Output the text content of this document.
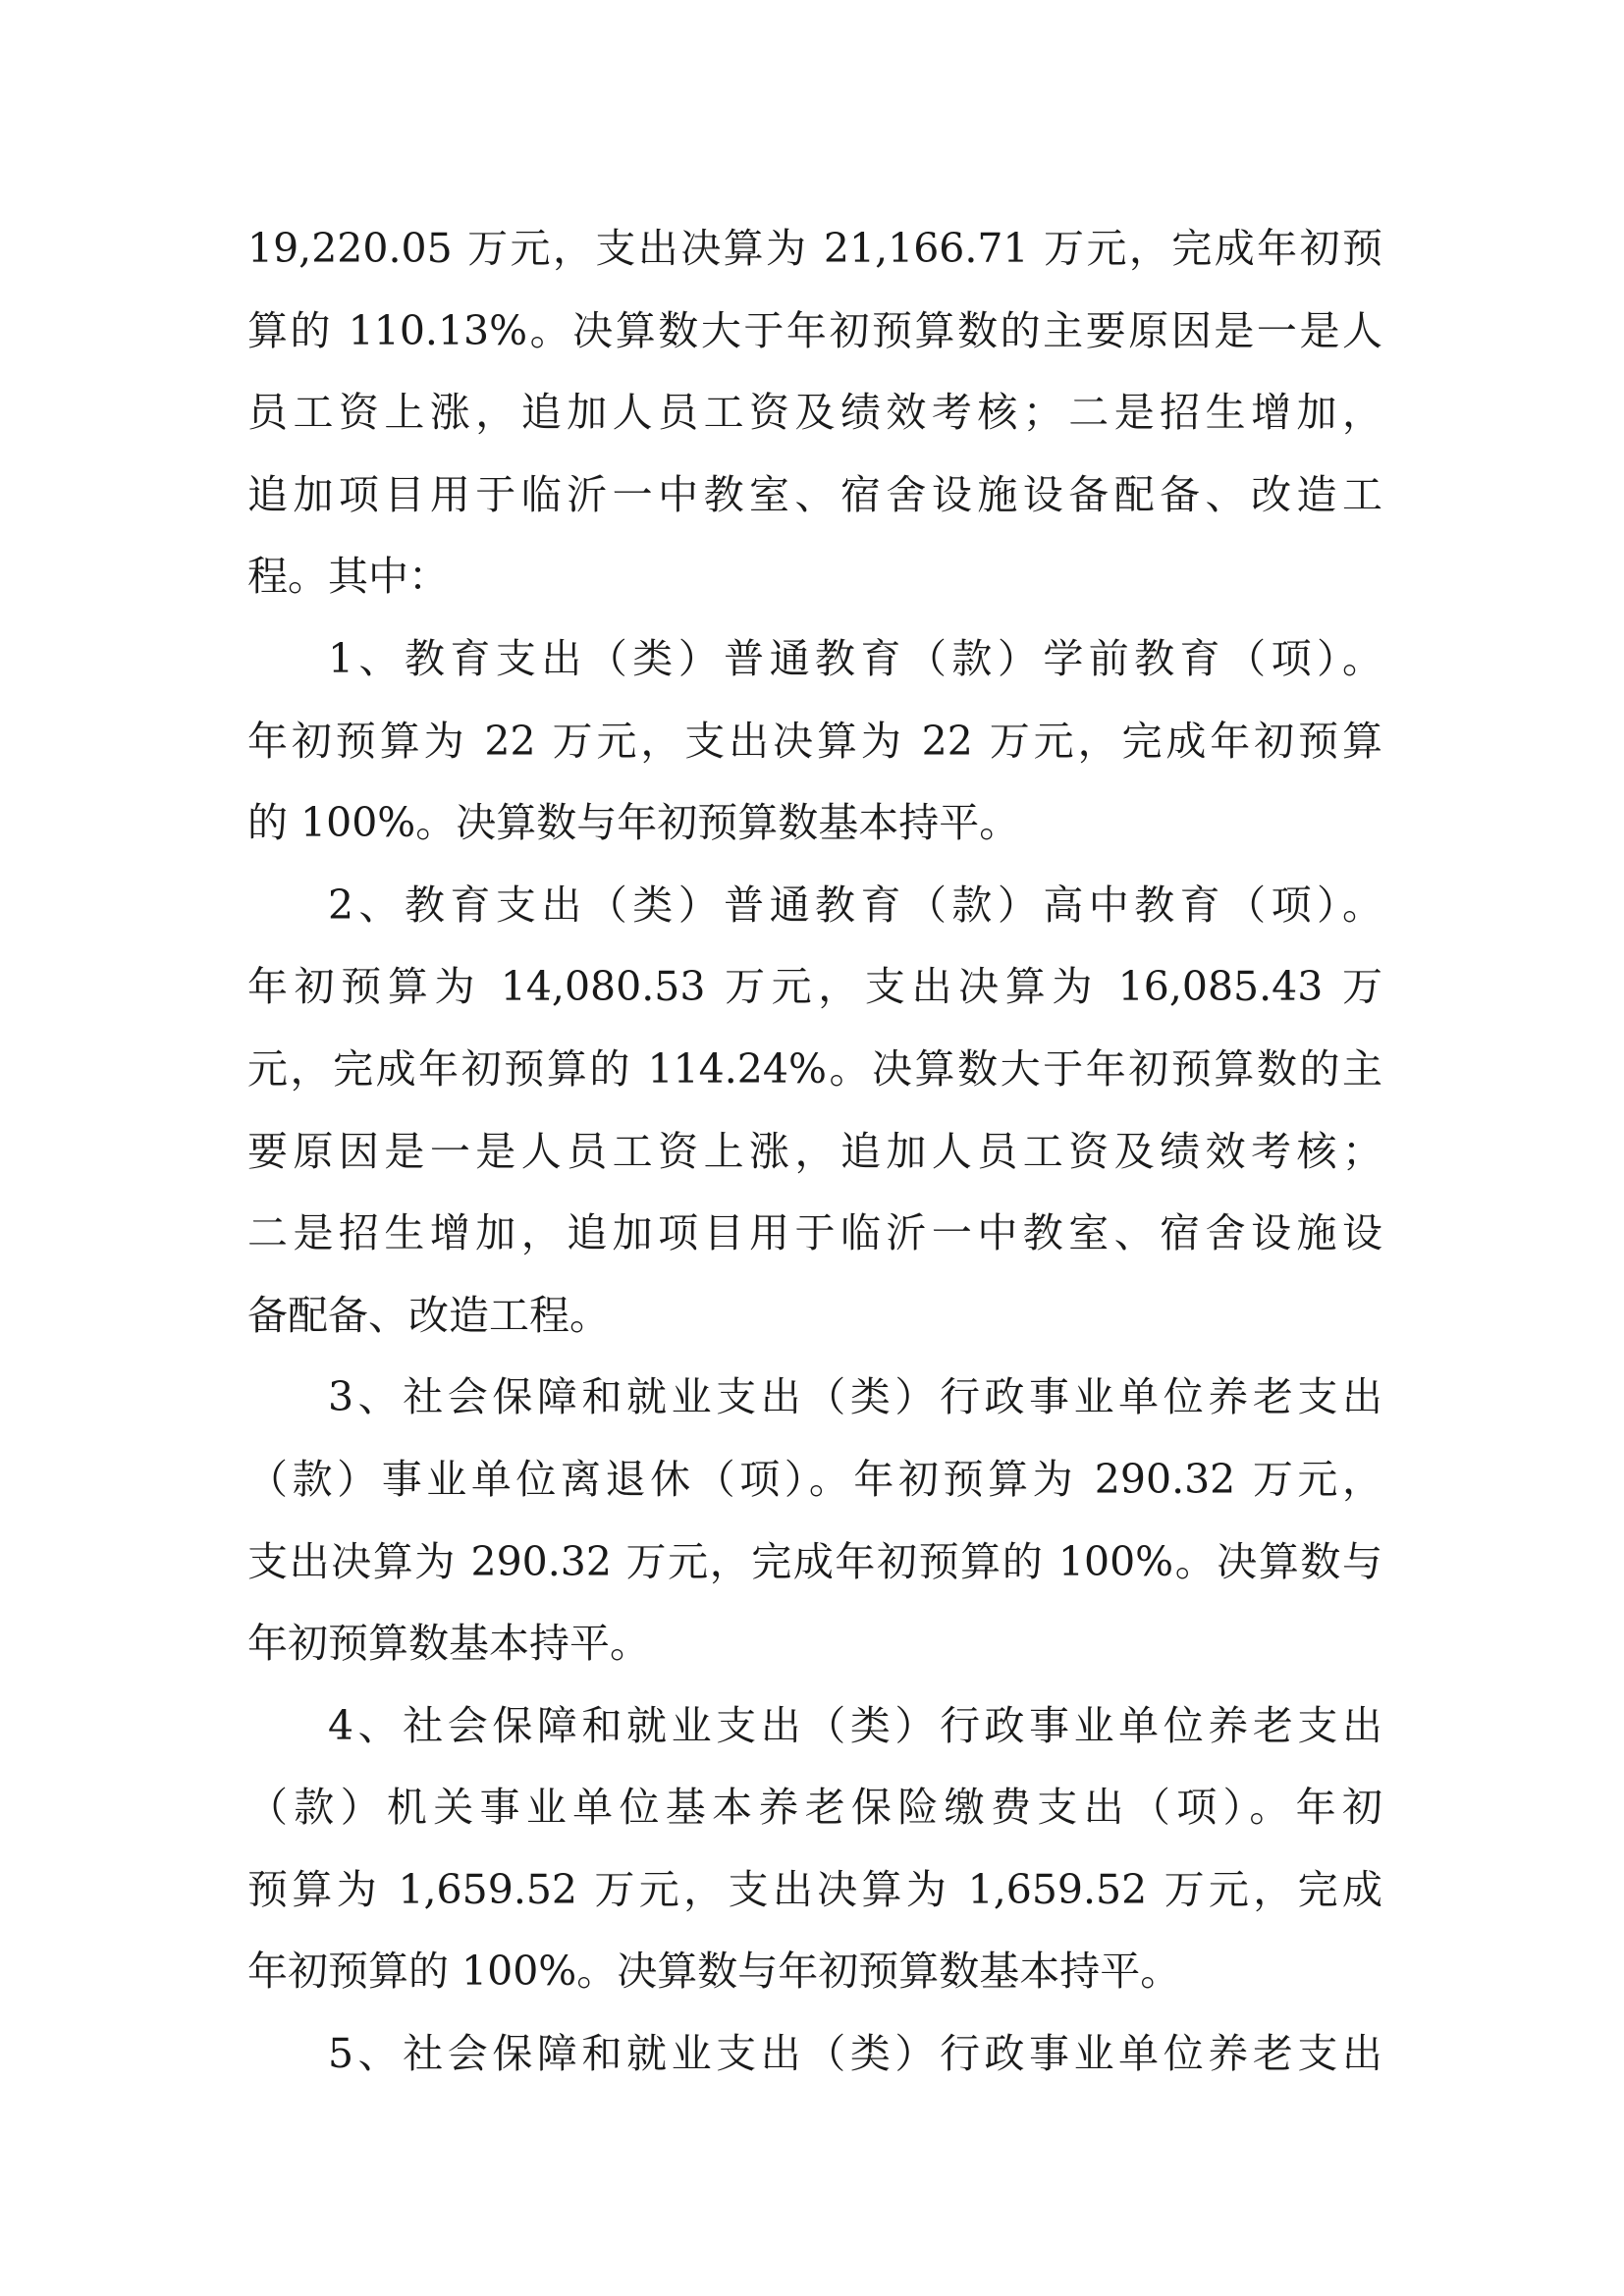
19,220.05 万元，支出决算为 21,166.71 万元，完成年初预
算的 110.13%。决算数大于年初预算数的主要原因是一是人
员工资上涨，追加人员工资及绩效考核；二是招生增加，
追加项目用于临沂一中教室、宿舍设施设备配备、改造工
程。其中：
1、教育支出（类）普通教育（款）学前教育（项）。
年初预算为 22 万元，支出决算为 22 万元，完成年初预算
的 100%。决算数与年初预算数基本持平。
2、教育支出（类）普通教育（款）高中教育（项）。
年初预算为 14,080.53 万元，支出决算为 16,085.43 万
元，完成年初预算的 114.24%。决算数大于年初预算数的主
要原因是一是人员工资上涨，追加人员工资及绩效考核；
二是招生增加，追加项目用于临沂一中教室、宿舍设施设
备配备、改造工程。
3、社会保障和就业支出（类）行政事业单位养老支出
（款）事业单位离退休（项）。年初预算为 290.32 万元，
支出决算为 290.32 万元，完成年初预算的 100%。决算数与
年初预算数基本持平。
4、社会保障和就业支出（类）行政事业单位养老支出
（款）机关事业单位基本养老保险缴费支出（项）。年初
预算为 1,659.52 万元，支出决算为 1,659.52 万元，完成
年初预算的 100%。决算数与年初预算数基本持平。
5、社会保障和就业支出（类）行政事业单位养老支出
